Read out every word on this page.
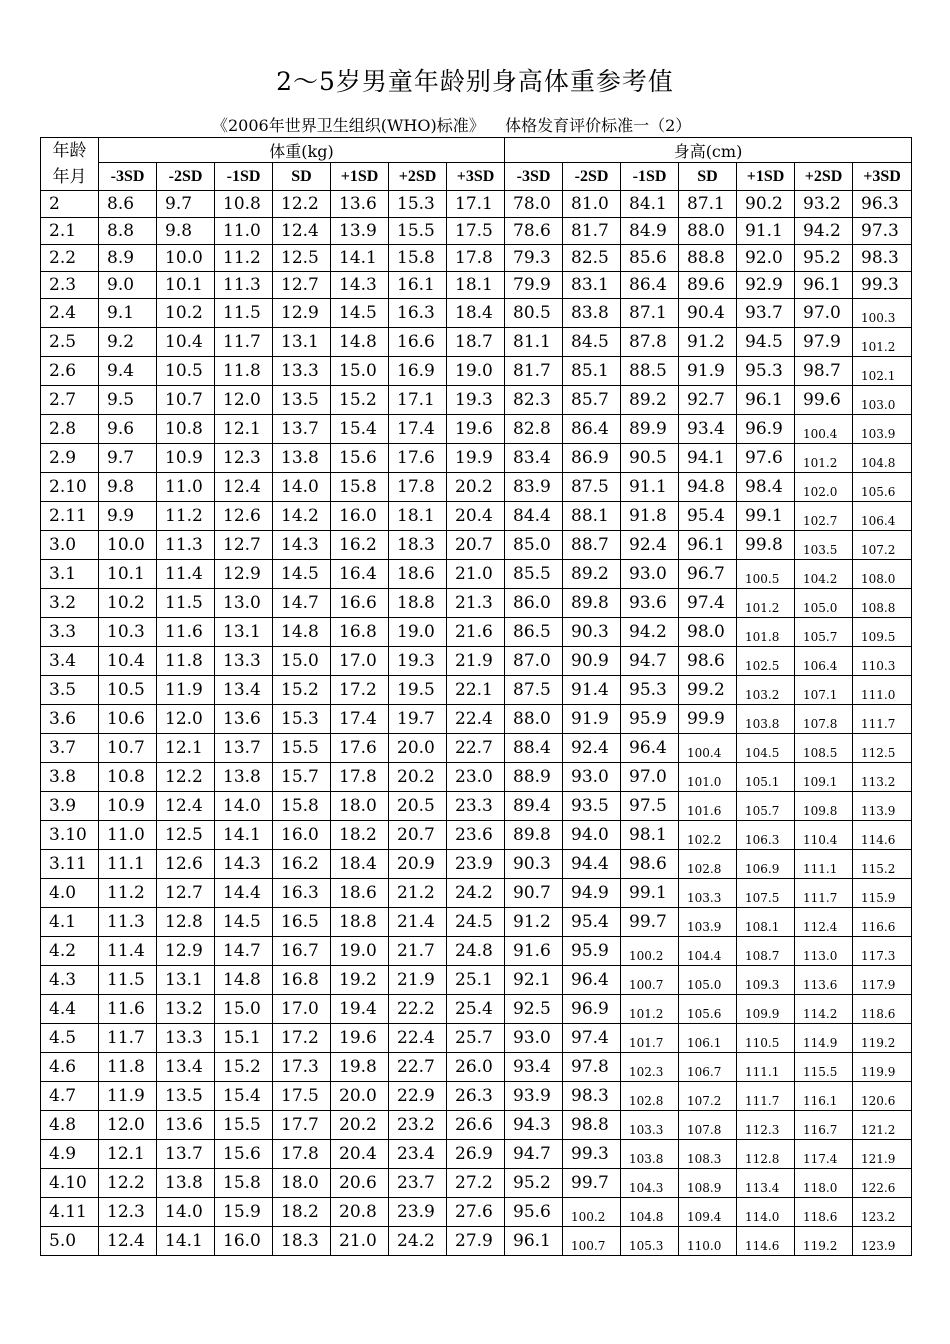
2～5岁男童年龄别身高体重参考值
《2006年世界卫生组织(WHO)标准》    体格发育评价标准一（2）
年龄
年月	体重(kg)							身高(cm)						
	-3SD	-2SD	-1SD	SD	+1SD	+2SD	+3SD	-3SD	-2SD	-1SD	SD	+1SD	+2SD	+3SD
2	8.6	9.7	10.8	12.2	13.6	15.3	17.1	78.0	81.0	84.1	87.1	90.2	93.2	96.3
2.1	8.8	9.8	11.0	12.4	13.9	15.5	17.5	78.6	81.7	84.9	88.0	91.1	94.2	97.3
2.2	8.9	10.0	11.2	12.5	14.1	15.8	17.8	79.3	82.5	85.6	88.8	92.0	95.2	98.3
2.3	9.0	10.1	11.3	12.7	14.3	16.1	18.1	79.9	83.1	86.4	89.6	92.9	96.1	99.3
2.4	9.1	10.2	11.5	12.9	14.5	16.3	18.4	80.5	83.8	87.1	90.4	93.7	97.0	100.3
2.5	9.2	10.4	11.7	13.1	14.8	16.6	18.7	81.1	84.5	87.8	91.2	94.5	97.9	101.2
2.6	9.4	10.5	11.8	13.3	15.0	16.9	19.0	81.7	85.1	88.5	91.9	95.3	98.7	102.1
2.7	9.5	10.7	12.0	13.5	15.2	17.1	19.3	82.3	85.7	89.2	92.7	96.1	99.6	103.0
2.8	9.6	10.8	12.1	13.7	15.4	17.4	19.6	82.8	86.4	89.9	93.4	96.9	100.4	103.9
2.9	9.7	10.9	12.3	13.8	15.6	17.6	19.9	83.4	86.9	90.5	94.1	97.6	101.2	104.8
2.10	9.8	11.0	12.4	14.0	15.8	17.8	20.2	83.9	87.5	91.1	94.8	98.4	102.0	105.6
2.11	9.9	11.2	12.6	14.2	16.0	18.1	20.4	84.4	88.1	91.8	95.4	99.1	102.7	106.4
3.0	10.0	11.3	12.7	14.3	16.2	18.3	20.7	85.0	88.7	92.4	96.1	99.8	103.5	107.2
3.1	10.1	11.4	12.9	14.5	16.4	18.6	21.0	85.5	89.2	93.0	96.7	100.5	104.2	108.0
3.2	10.2	11.5	13.0	14.7	16.6	18.8	21.3	86.0	89.8	93.6	97.4	101.2	105.0	108.8
3.3	10.3	11.6	13.1	14.8	16.8	19.0	21.6	86.5	90.3	94.2	98.0	101.8	105.7	109.5
3.4	10.4	11.8	13.3	15.0	17.0	19.3	21.9	87.0	90.9	94.7	98.6	102.5	106.4	110.3
3.5	10.5	11.9	13.4	15.2	17.2	19.5	22.1	87.5	91.4	95.3	99.2	103.2	107.1	111.0
3.6	10.6	12.0	13.6	15.3	17.4	19.7	22.4	88.0	91.9	95.9	99.9	103.8	107.8	111.7
3.7	10.7	12.1	13.7	15.5	17.6	20.0	22.7	88.4	92.4	96.4	100.4	104.5	108.5	112.5
3.8	10.8	12.2	13.8	15.7	17.8	20.2	23.0	88.9	93.0	97.0	101.0	105.1	109.1	113.2
3.9	10.9	12.4	14.0	15.8	18.0	20.5	23.3	89.4	93.5	97.5	101.6	105.7	109.8	113.9
3.10	11.0	12.5	14.1	16.0	18.2	20.7	23.6	89.8	94.0	98.1	102.2	106.3	110.4	114.6
3.11	11.1	12.6	14.3	16.2	18.4	20.9	23.9	90.3	94.4	98.6	102.8	106.9	111.1	115.2
4.0	11.2	12.7	14.4	16.3	18.6	21.2	24.2	90.7	94.9	99.1	103.3	107.5	111.7	115.9
4.1	11.3	12.8	14.5	16.5	18.8	21.4	24.5	91.2	95.4	99.7	103.9	108.1	112.4	116.6
4.2	11.4	12.9	14.7	16.7	19.0	21.7	24.8	91.6	95.9	100.2	104.4	108.7	113.0	117.3
4.3	11.5	13.1	14.8	16.8	19.2	21.9	25.1	92.1	96.4	100.7	105.0	109.3	113.6	117.9
4.4	11.6	13.2	15.0	17.0	19.4	22.2	25.4	92.5	96.9	101.2	105.6	109.9	114.2	118.6
4.5	11.7	13.3	15.1	17.2	19.6	22.4	25.7	93.0	97.4	101.7	106.1	110.5	114.9	119.2
4.6	11.8	13.4	15.2	17.3	19.8	22.7	26.0	93.4	97.8	102.3	106.7	111.1	115.5	119.9
4.7	11.9	13.5	15.4	17.5	20.0	22.9	26.3	93.9	98.3	102.8	107.2	111.7	116.1	120.6
4.8	12.0	13.6	15.5	17.7	20.2	23.2	26.6	94.3	98.8	103.3	107.8	112.3	116.7	121.2
4.9	12.1	13.7	15.6	17.8	20.4	23.4	26.9	94.7	99.3	103.8	108.3	112.8	117.4	121.9
4.10	12.2	13.8	15.8	18.0	20.6	23.7	27.2	95.2	99.7	104.3	108.9	113.4	118.0	122.6
4.11	12.3	14.0	15.9	18.2	20.8	23.9	27.6	95.6	100.2	104.8	109.4	114.0	118.6	123.2
5.0	12.4	14.1	16.0	18.3	21.0	24.2	27.9	96.1	100.7	105.3	110.0	114.6	119.2	123.9
